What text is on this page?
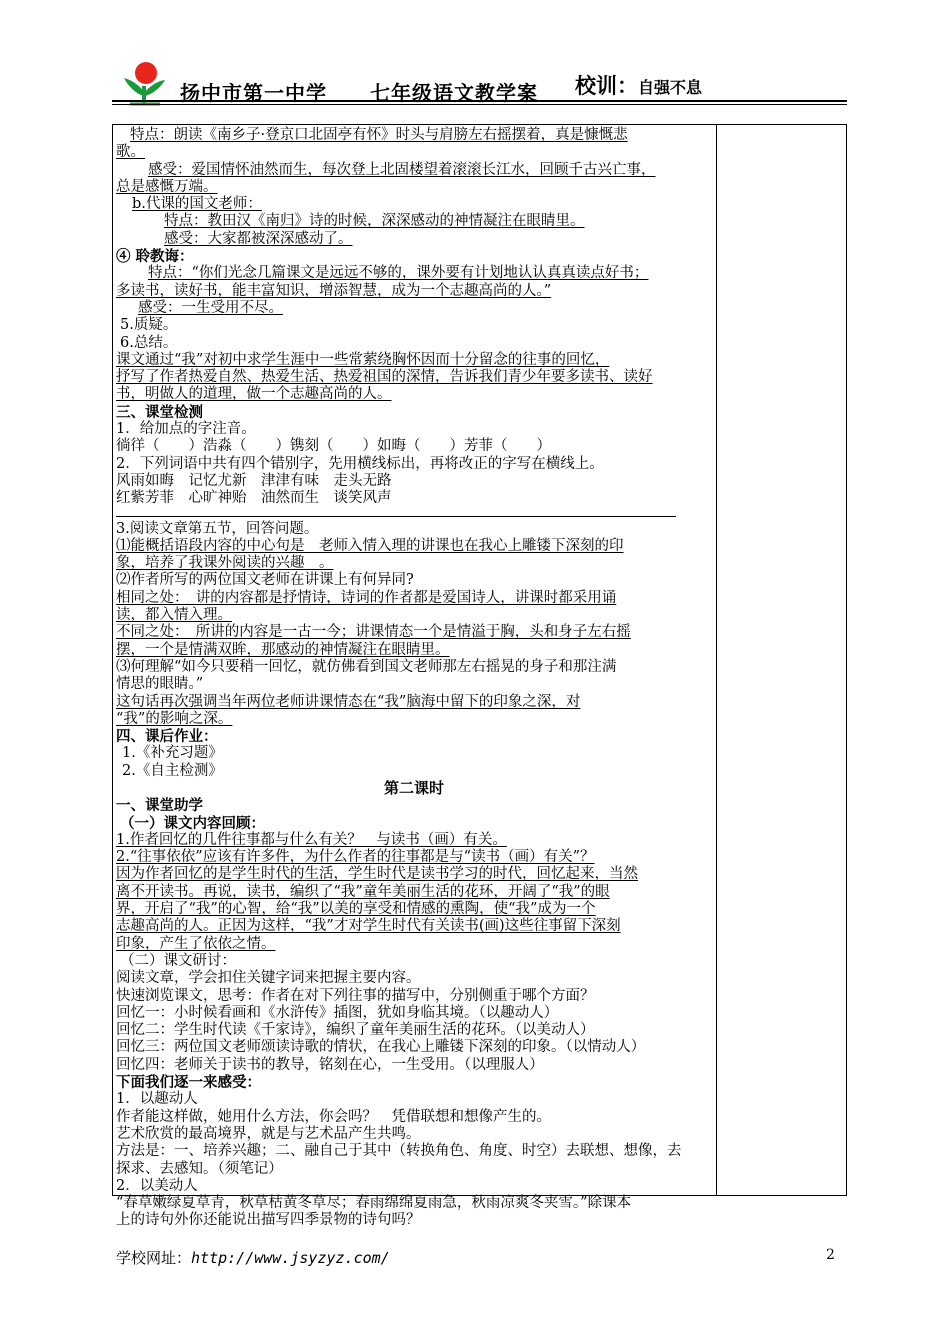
扬中市第一中学 七年级语文教学案 校训：自强不息
特点：朗读《南乡子·登京口北固亭有怀》时头与肩膀左右摇摆着，真是慷慨悲
歌。
感受：爱国情怀油然而生，每次登上北固楼望着滚滚长江水，回顾千古兴亡事，
总是感慨万端。
b.代课的国文老师：
特点：教田汉《南归》诗的时候，深深感动的神情凝注在眼睛里。
感受：大家都被深深感动了。
④ 聆教诲：
特点：“你们光念几篇课文是远远不够的，课外要有计划地认认真真读点好书；
多读书，读好书，能丰富知识，增添智慧，成为一个志趣高尚的人。”
感受：一生受用不尽。
5.质疑。
6.总结。
课文通过“我”对初中求学生涯中一些常萦绕胸怀因而十分留念的往事的回忆，
抒写了作者热爱自然、热爱生活、热爱祖国的深情，告诉我们青少年要多读书、读好
书，明做人的道理，做一个志趣高尚的人。
三、课堂检测
1．给加点的字注音。
徜徉（　　）浩淼（　　）镌刻（　　）如晦（　　）芳菲（　　）
2．下列词语中共有四个错别字，先用横线标出，再将改正的字写在横线上。
风雨如晦　记忆尤新　津津有味　走头无路
红紫芳菲　心旷神贻　油然而生　谈笑风声
3.阅读文章第五节，回答问题。
⑴能概括语段内容的中心句是　老师入情入理的讲课也在我心上雕镂下深刻的印
象，培养了我课外阅读的兴趣　。
⑵作者所写的两位国文老师在讲课上有何异同?
相同之处：　讲的内容都是抒情诗，诗词的作者都是爱国诗人，讲课时都采用诵
读，都入情入理。
不同之处：　所讲的内容是一古一今；讲课情态一个是情溢于胸，头和身子左右摇
摆，一个是情满双眸，那感动的神情凝注在眼睛里。
⑶何理解“如今只要稍一回忆，就仿佛看到国文老师那左右摇晃的身子和那注满
情思的眼睛。”
这句话再次强调当年两位老师讲课情态在“我”脑海中留下的印象之深，对
“我”的影响之深。
四、课后作业：
1.《补充习题》
2.《自主检测》
第二课时
一、课堂助学
（一）课文内容回顾：
1.作者回忆的几件往事都与什么有关？　与读书（画）有关。
2.“往事依依”应该有许多件，为什么作者的往事都是与“读书（画）有关”？
因为作者回忆的是学生时代的生活，学生时代是读书学习的时代，回忆起来，当然
离不开读书。再说，读书，编织了“我”童年美丽生活的花环，开阔了“我”的眼
界，开启了“我”的心智，给“我”以美的享受和情感的熏陶，使“我”成为一个
志趣高尚的人。正因为这样，“我”才对学生时代有关读书(画)这些往事留下深刻
印象，产生了依依之情。
（二）课文研讨：
阅读文章，学会扣住关键字词来把握主要内容。
快速浏览课文，思考：作者在对下列往事的描写中，分别侧重于哪个方面？
回忆一：小时候看画和《水浒传》插图，犹如身临其境。（以趣动人）
回忆二：学生时代读《千家诗》，编织了童年美丽生活的花环。（以美动人）
回忆三：两位国文老师颂读诗歌的情状，在我心上雕镂下深刻的印象。（以情动人）
回忆四：老师关于读书的教导，铭刻在心，一生受用。（以理服人）
下面我们逐一来感受：
1．以趣动人
作者能这样做，她用什么方法，你会吗？　凭借联想和想像产生的。
艺术欣赏的最高境界，就是与艺术品产生共鸣。
方法是：一、培养兴趣；二、融自己于其中（转换角色、角度、时空）去联想、想像，去
探求、去感知。（须笔记）
2．以美动人
“春草嫩绿夏草青，秋草枯黄冬草尽；春雨绵绵夏雨急，秋雨凉爽冬夹雪。”除课本
上的诗句外你还能说出描写四季景物的诗句吗？
学校网址：http://www.jsyzyz.com/	2
